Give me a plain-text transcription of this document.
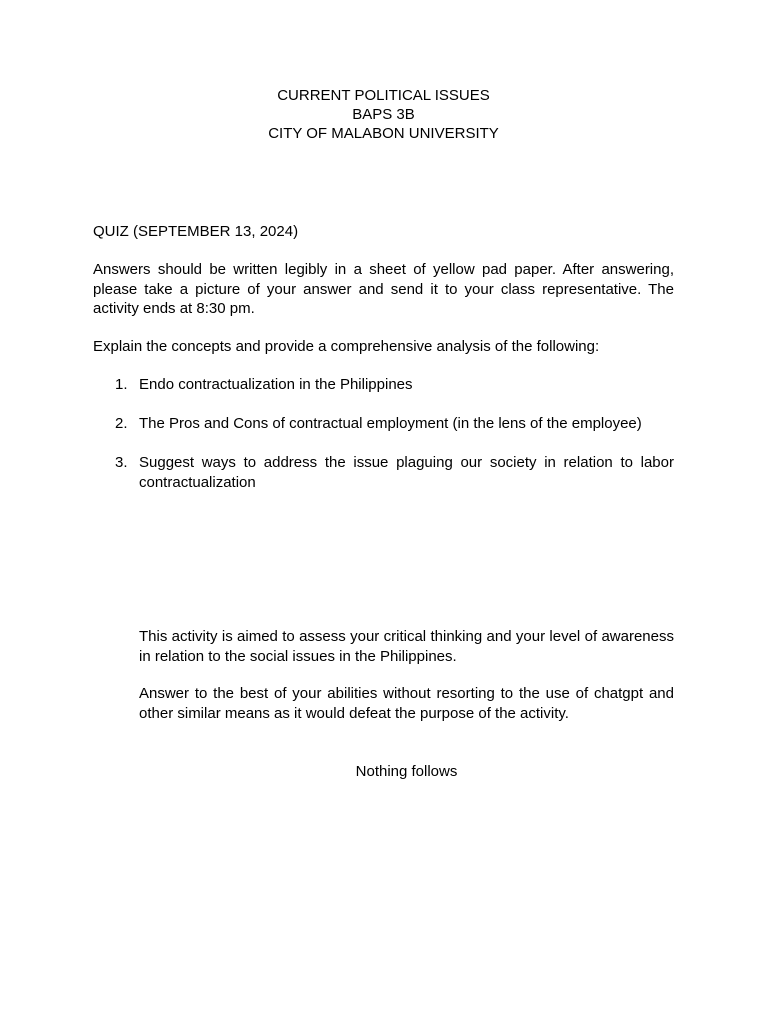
CURRENT POLITICAL ISSUES
BAPS 3B
CITY OF MALABON UNIVERSITY
QUIZ (SEPTEMBER 13, 2024)
Answers should be written legibly in a sheet of yellow pad paper. After answering, please take a picture of your answer and send it to your class representative. The activity ends at 8:30 pm.
Explain the concepts and provide a comprehensive analysis of the following:
1. Endo contractualization in the Philippines
2. The Pros and Cons of contractual employment (in the lens of the employee)
3. Suggest ways to address the issue plaguing our society in relation to labor contractualization
This activity is aimed to assess your critical thinking and your level of awareness in relation to the social issues in the Philippines.
Answer to the best of your abilities without resorting to the use of chatgpt and other similar means as it would defeat the purpose of the activity.
Nothing follows
